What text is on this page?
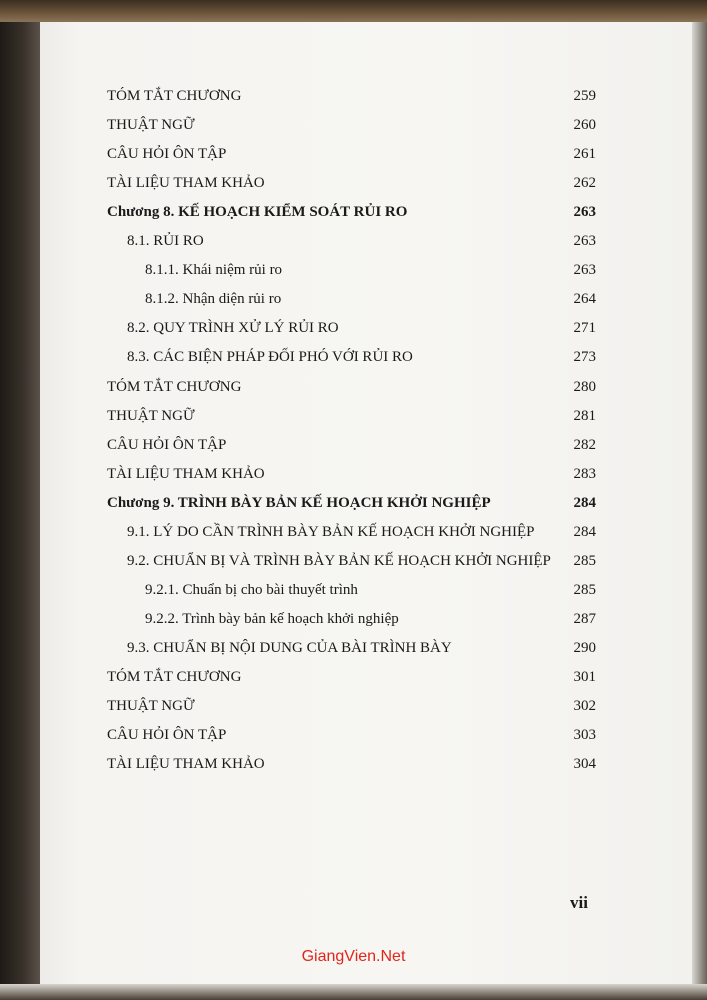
TÓM TẮT CHƯƠNG	259
THUẬT NGỮ	260
CÂU HỎI ÔN TẬP	261
TÀI LIỆU THAM KHẢO	262
Chương 8. KẾ HOẠCH KIỂM SOÁT RỦI RO	263
8.1. RỦI RO	263
8.1.1. Khái niệm rủi ro	263
8.1.2. Nhận diện rủi ro	264
8.2. QUY TRÌNH XỬ LÝ RỦI RO	271
8.3. CÁC BIỆN PHÁP ĐỐI PHÓ VỚI RỦI RO	273
TÓM TẮT CHƯƠNG	280
THUẬT NGỮ	281
CÂU HỎI ÔN TẬP	282
TÀI LIỆU THAM KHẢO	283
Chương 9. TRÌNH BÀY BẢN KẾ HOẠCH KHỞI NGHIỆP	284
9.1. LÝ DO CẦN TRÌNH BÀY BẢN KẾ HOẠCH KHỞI NGHIỆP	284
9.2. CHUẨN BỊ VÀ TRÌNH BÀY BẢN KẾ HOẠCH KHỞI NGHIỆP 285
9.2.1. Chuẩn bị cho bài thuyết trình	285
9.2.2. Trình bày bản kế hoạch khởi nghiệp	287
9.3. CHUẨN BỊ NỘI DUNG CỦA BÀI TRÌNH BÀY	290
TÓM TẮT CHƯƠNG	301
THUẬT NGỮ	302
CÂU HỎI ÔN TẬP	303
TÀI LIỆU THAM KHẢO	304
vii
GiangVien.Net
